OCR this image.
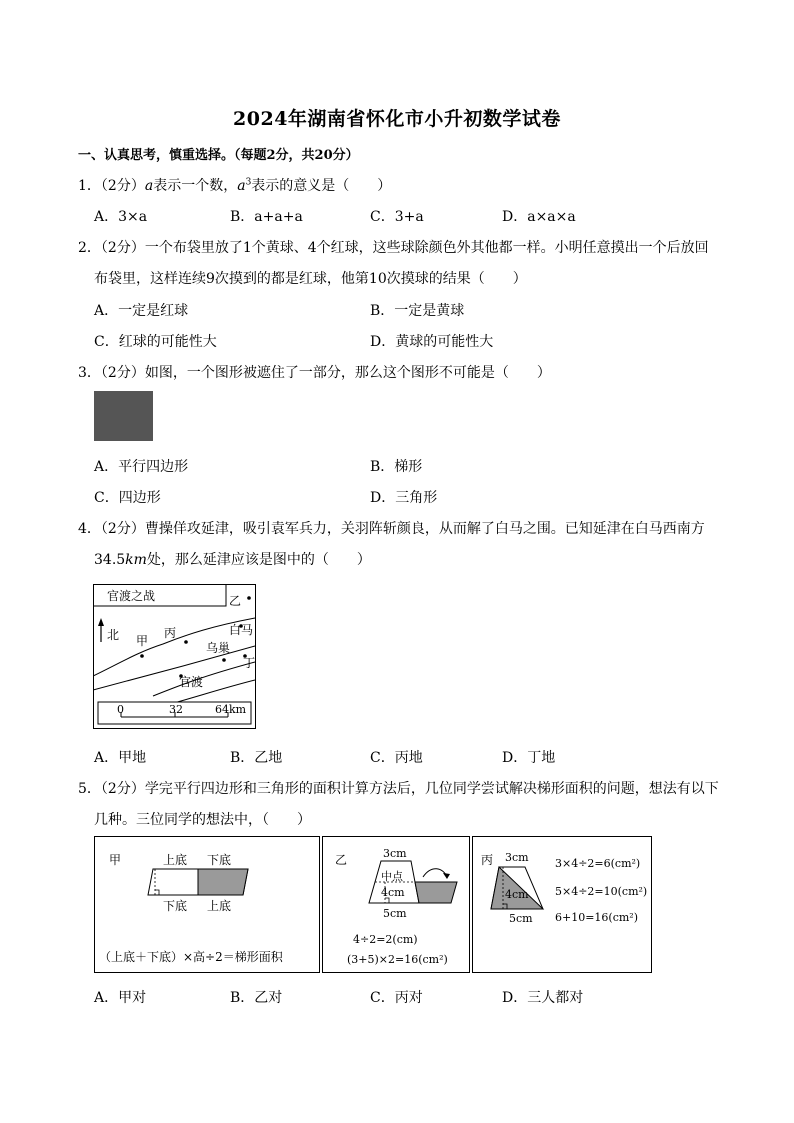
2024年湖南省怀化市小升初数学试卷
一、认真思考，慎重选择。（每题2分，共20分）
1．（2分）a表示一个数，$a^3$表示的意义是（　　）
A．3×a	B．a+a+a	C．3+a	D．a×a×a
2．（2分）一个布袋里放了1个黄球、4个红球，这些球除颜色外其他都一样。小明任意摸出一个后放回
布袋里，这样连续9次摸到的都是红球，他第10次摸球的结果（　　）
A．一定是红球	B．一定是黄球
C．红球的可能性大	D．黄球的可能性大
3．（2分）如图，一个图形被遮住了一部分，那么这个图形不可能是（　　）
A．平行四边形	B．梯形
C．四边形	D．三角形
4．（2分）曹操佯攻延津，吸引袁军兵力，关羽阵斩颜良，从而解了白马之围。已知延津在白马西南方
34.5km处，那么延津应该是图中的（　　）
官渡之战
北
乙
甲
丙	白马
乌巢
丁
官渡
0	32	64km
A．甲地	B．乙地	C．丙地	D．丁地
5．（2分）学完平行四边形和三角形的面积计算方法后，几位同学尝试解决梯形面积的问题，想法有以下
几种。三位同学的想法中，（　　）
甲	上底 下底
下底 上底
（上底＋下底）×高÷2＝梯形面积
乙	3cm
中点
4cm
5cm
4÷2=2(cm)
(3+5)×2=16(cm²)
丙 3cm
4cm
5cm
3×4÷2=6(cm²)
5×4÷2=10(cm²)
6+10=16(cm²)
A．甲对	B．乙对	C．丙对	D．三人都对
